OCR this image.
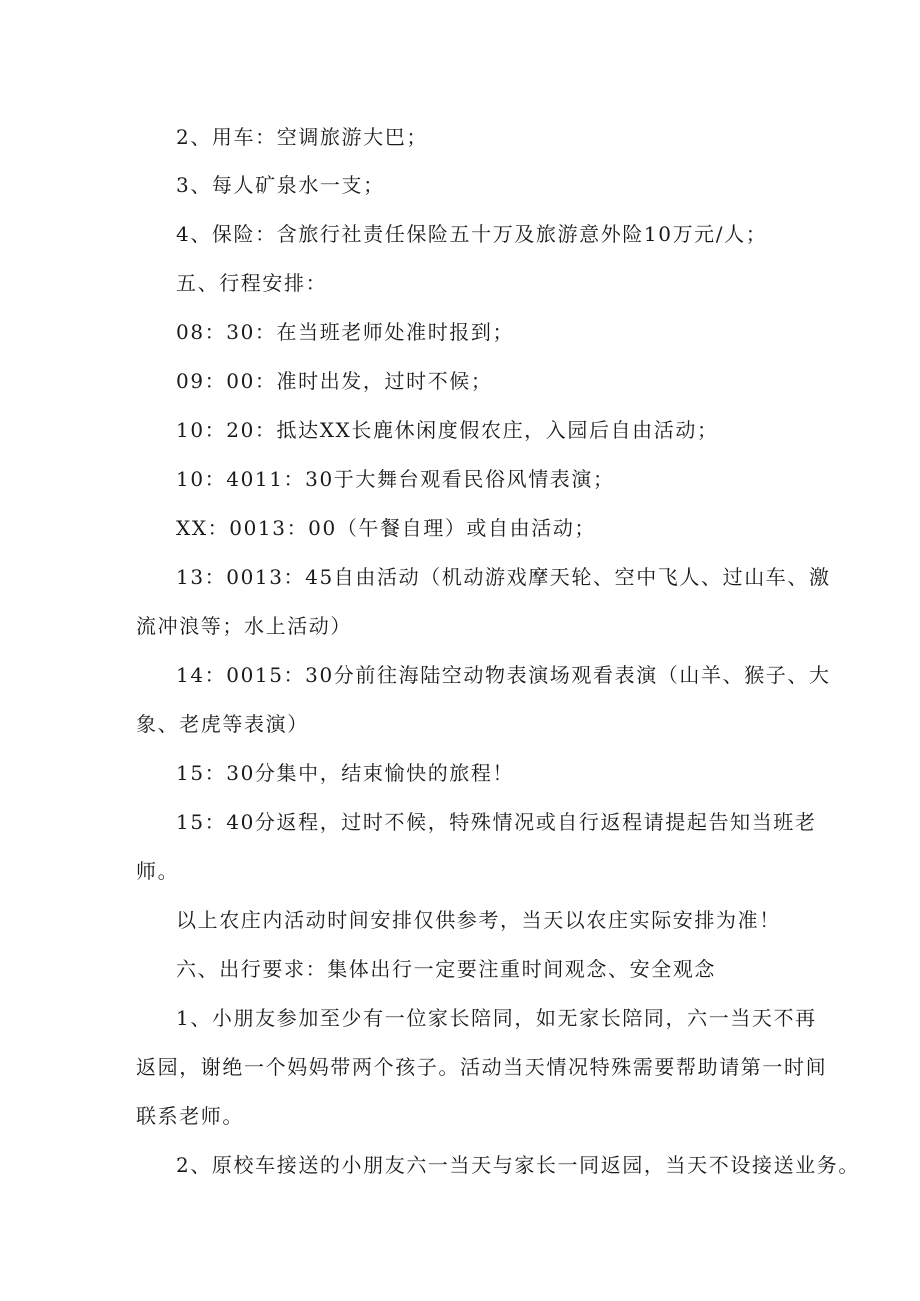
2、用车：空调旅游大巴；
3、每人矿泉水一支；
4、保险：含旅行社责任保险五十万及旅游意外险10万元/人；
五、行程安排：
08：30：在当班老师处准时报到；
09：00：准时出发，过时不候；
10：20：抵达XX长鹿休闲度假农庄，入园后自由活动；
10：4011：30于大舞台观看民俗风情表演；
XX：0013：00（午餐自理）或自由活动；
13：0013：45自由活动（机动游戏摩天轮、空中飞人、过山车、激
流冲浪等；水上活动）
14：0015：30分前往海陆空动物表演场观看表演（山羊、猴子、大
象、老虎等表演）
15：30分集中，结束愉快的旅程！
15：40分返程，过时不候，特殊情况或自行返程请提起告知当班老
师。
以上农庄内活动时间安排仅供参考，当天以农庄实际安排为准！
六、出行要求：集体出行一定要注重时间观念、安全观念
1、小朋友参加至少有一位家长陪同，如无家长陪同，六一当天不再
返园，谢绝一个妈妈带两个孩子。活动当天情况特殊需要帮助请第一时间
联系老师。
2、原校车接送的小朋友六一当天与家长一同返园，当天不设接送业务。
